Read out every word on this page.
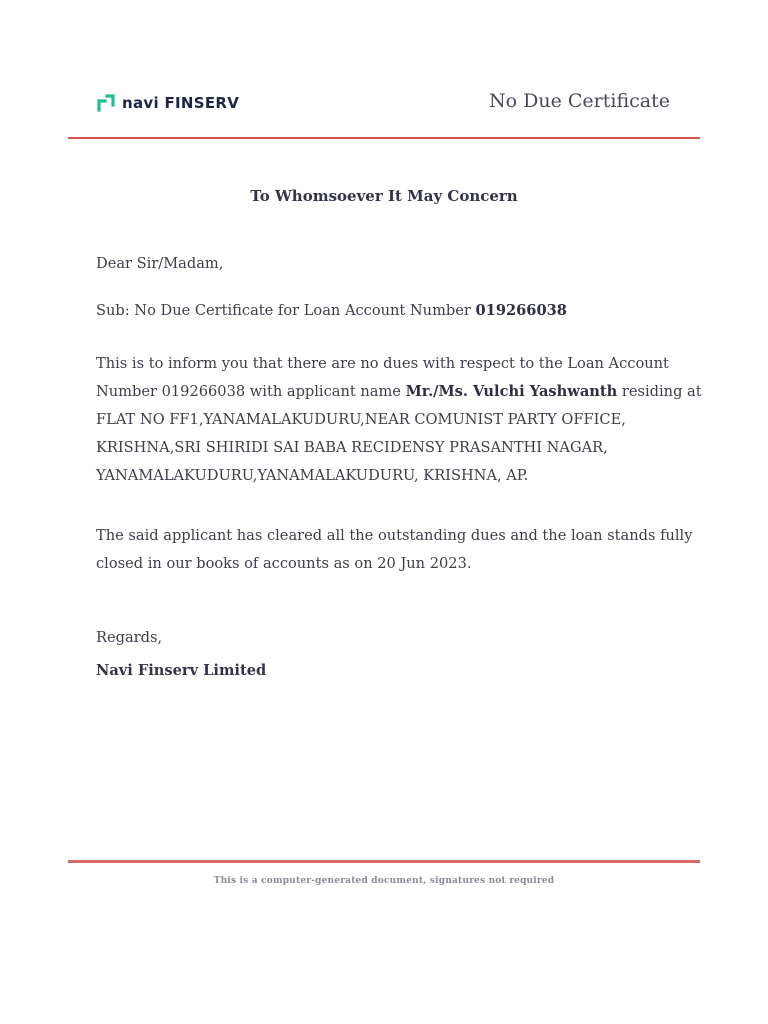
navi FINSERV	No Due Certificate
To Whomsoever It May Concern
Dear Sir/Madam,
Sub: No Due Certificate for Loan Account Number 019266038
This is to inform you that there are no dues with respect to the Loan Account Number 019266038 with applicant name Mr./Ms. Vulchi Yashwanth residing at FLAT NO FF1,YANAMALAKUDURU,NEAR COMUNIST PARTY OFFICE, KRISHNA,SRI SHIRIDI SAI BABA RECIDENSY PRASANTHI NAGAR, YANAMALAKUDURU,YANAMALAKUDURU, KRISHNA, AP.
The said applicant has cleared all the outstanding dues and the loan stands fully closed in our books of accounts as on 20 Jun 2023.
Regards,
Navi Finserv Limited
This is a computer-generated document, signatures not required
